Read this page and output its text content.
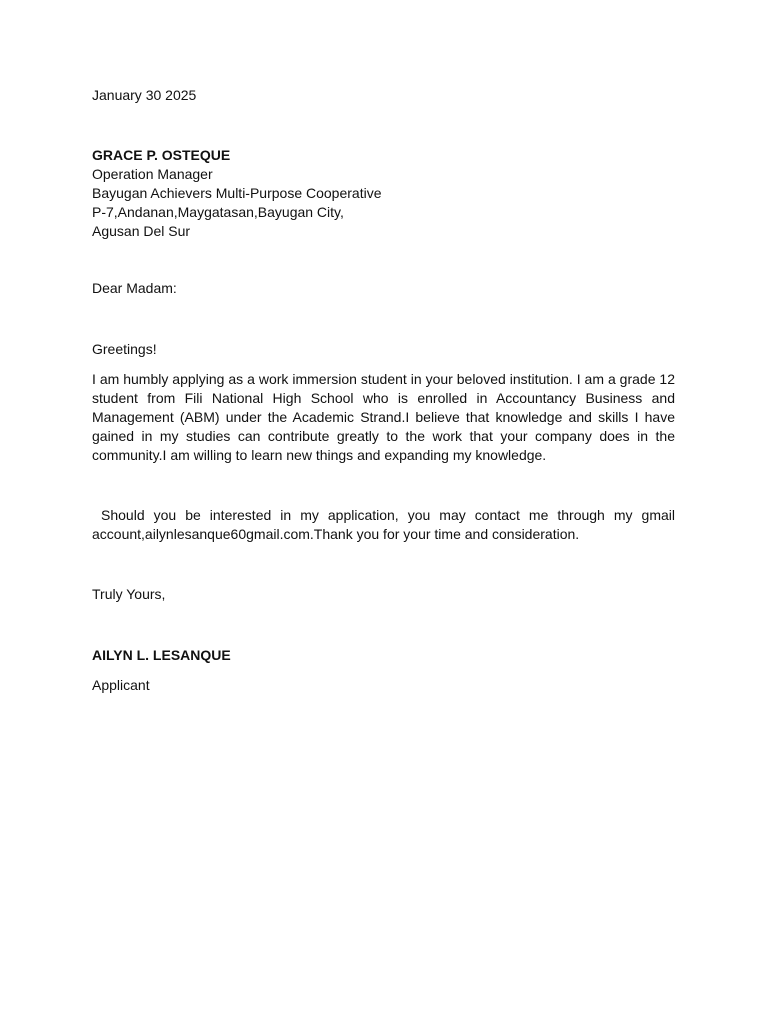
January 30 2025

GRACE P. OSTEQUE

Operation Manager

Bayugan Achievers Multi-Purpose Cooperative

P-7,Andanan,Maygatasan,Bayugan City,

Agusan Del Sur

Dear Madam:

Greetings!

I am humbly applying as a work immersion student in your beloved institution. I am a grade 12 student from Fili National High School who is enrolled in Accountancy Business and Management (ABM) under the Academic Strand.I believe that knowledge and skills I have gained in my studies can contribute greatly to the work that your company does in the community.I am willing to learn new things and expanding my knowledge.

Should you be interested in my application, you may contact me through my gmail account,ailynlesanque60gmail.com.Thank you for your time and consideration.

Truly Yours,

AILYN L. LESANQUE

Applicant
